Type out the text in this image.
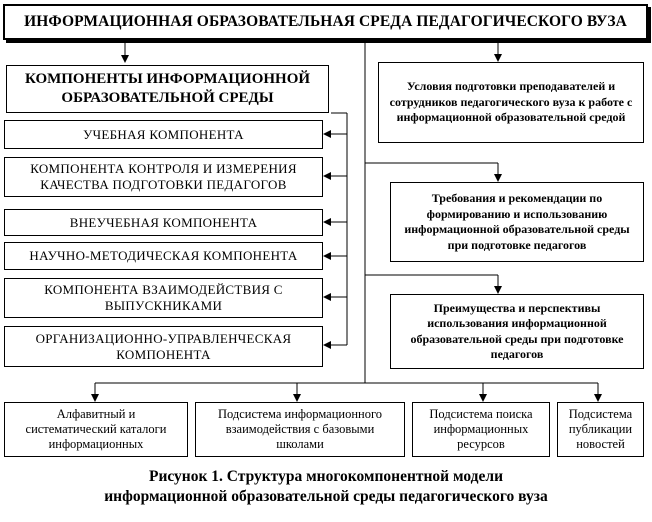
ИНФОРМАЦИОННАЯ ОБРАЗОВАТЕЛЬНАЯ СРЕДА ПЕДАГОГИЧЕСКОГО ВУЗА
КОМПОНЕНТЫ ИНФОРМАЦИОННОЙ ОБРАЗОВАТЕЛЬНОЙ СРЕДЫ
УЧЕБНАЯ КОМПОНЕНТА
КОМПОНЕНТА КОНТРОЛЯ И ИЗМЕРЕНИЯ КАЧЕСТВА ПОДГОТОВКИ ПЕДАГОГОВ
ВНЕУЧЕБНАЯ КОМПОНЕНТА
НАУЧНО-МЕТОДИЧЕСКАЯ КОМПОНЕНТА
КОМПОНЕНТА ВЗАИМОДЕЙСТВИЯ С ВЫПУСКНИКАМИ
ОРГАНИЗАЦИОННО-УПРАВЛЕНЧЕСКАЯ КОМПОНЕНТА
Условия подготовки преподавателей и сотрудников педагогического вуза к работе с информационной образовательной средой
Требования и рекомендации по формированию и использованию информационной образовательной среды при подготовке педагогов
Преимущества и перспективы использования информационной образовательной среды при подготовке педагогов
Алфавитный и систематический каталоги информационных
Подсистема информационного взаимодействия с базовыми школами
Подсистема поиска информационных ресурсов
Подсистема публикации новостей
Рисунок 1. Структура многокомпонентной модели
информационной образовательной среды педагогического вуза
